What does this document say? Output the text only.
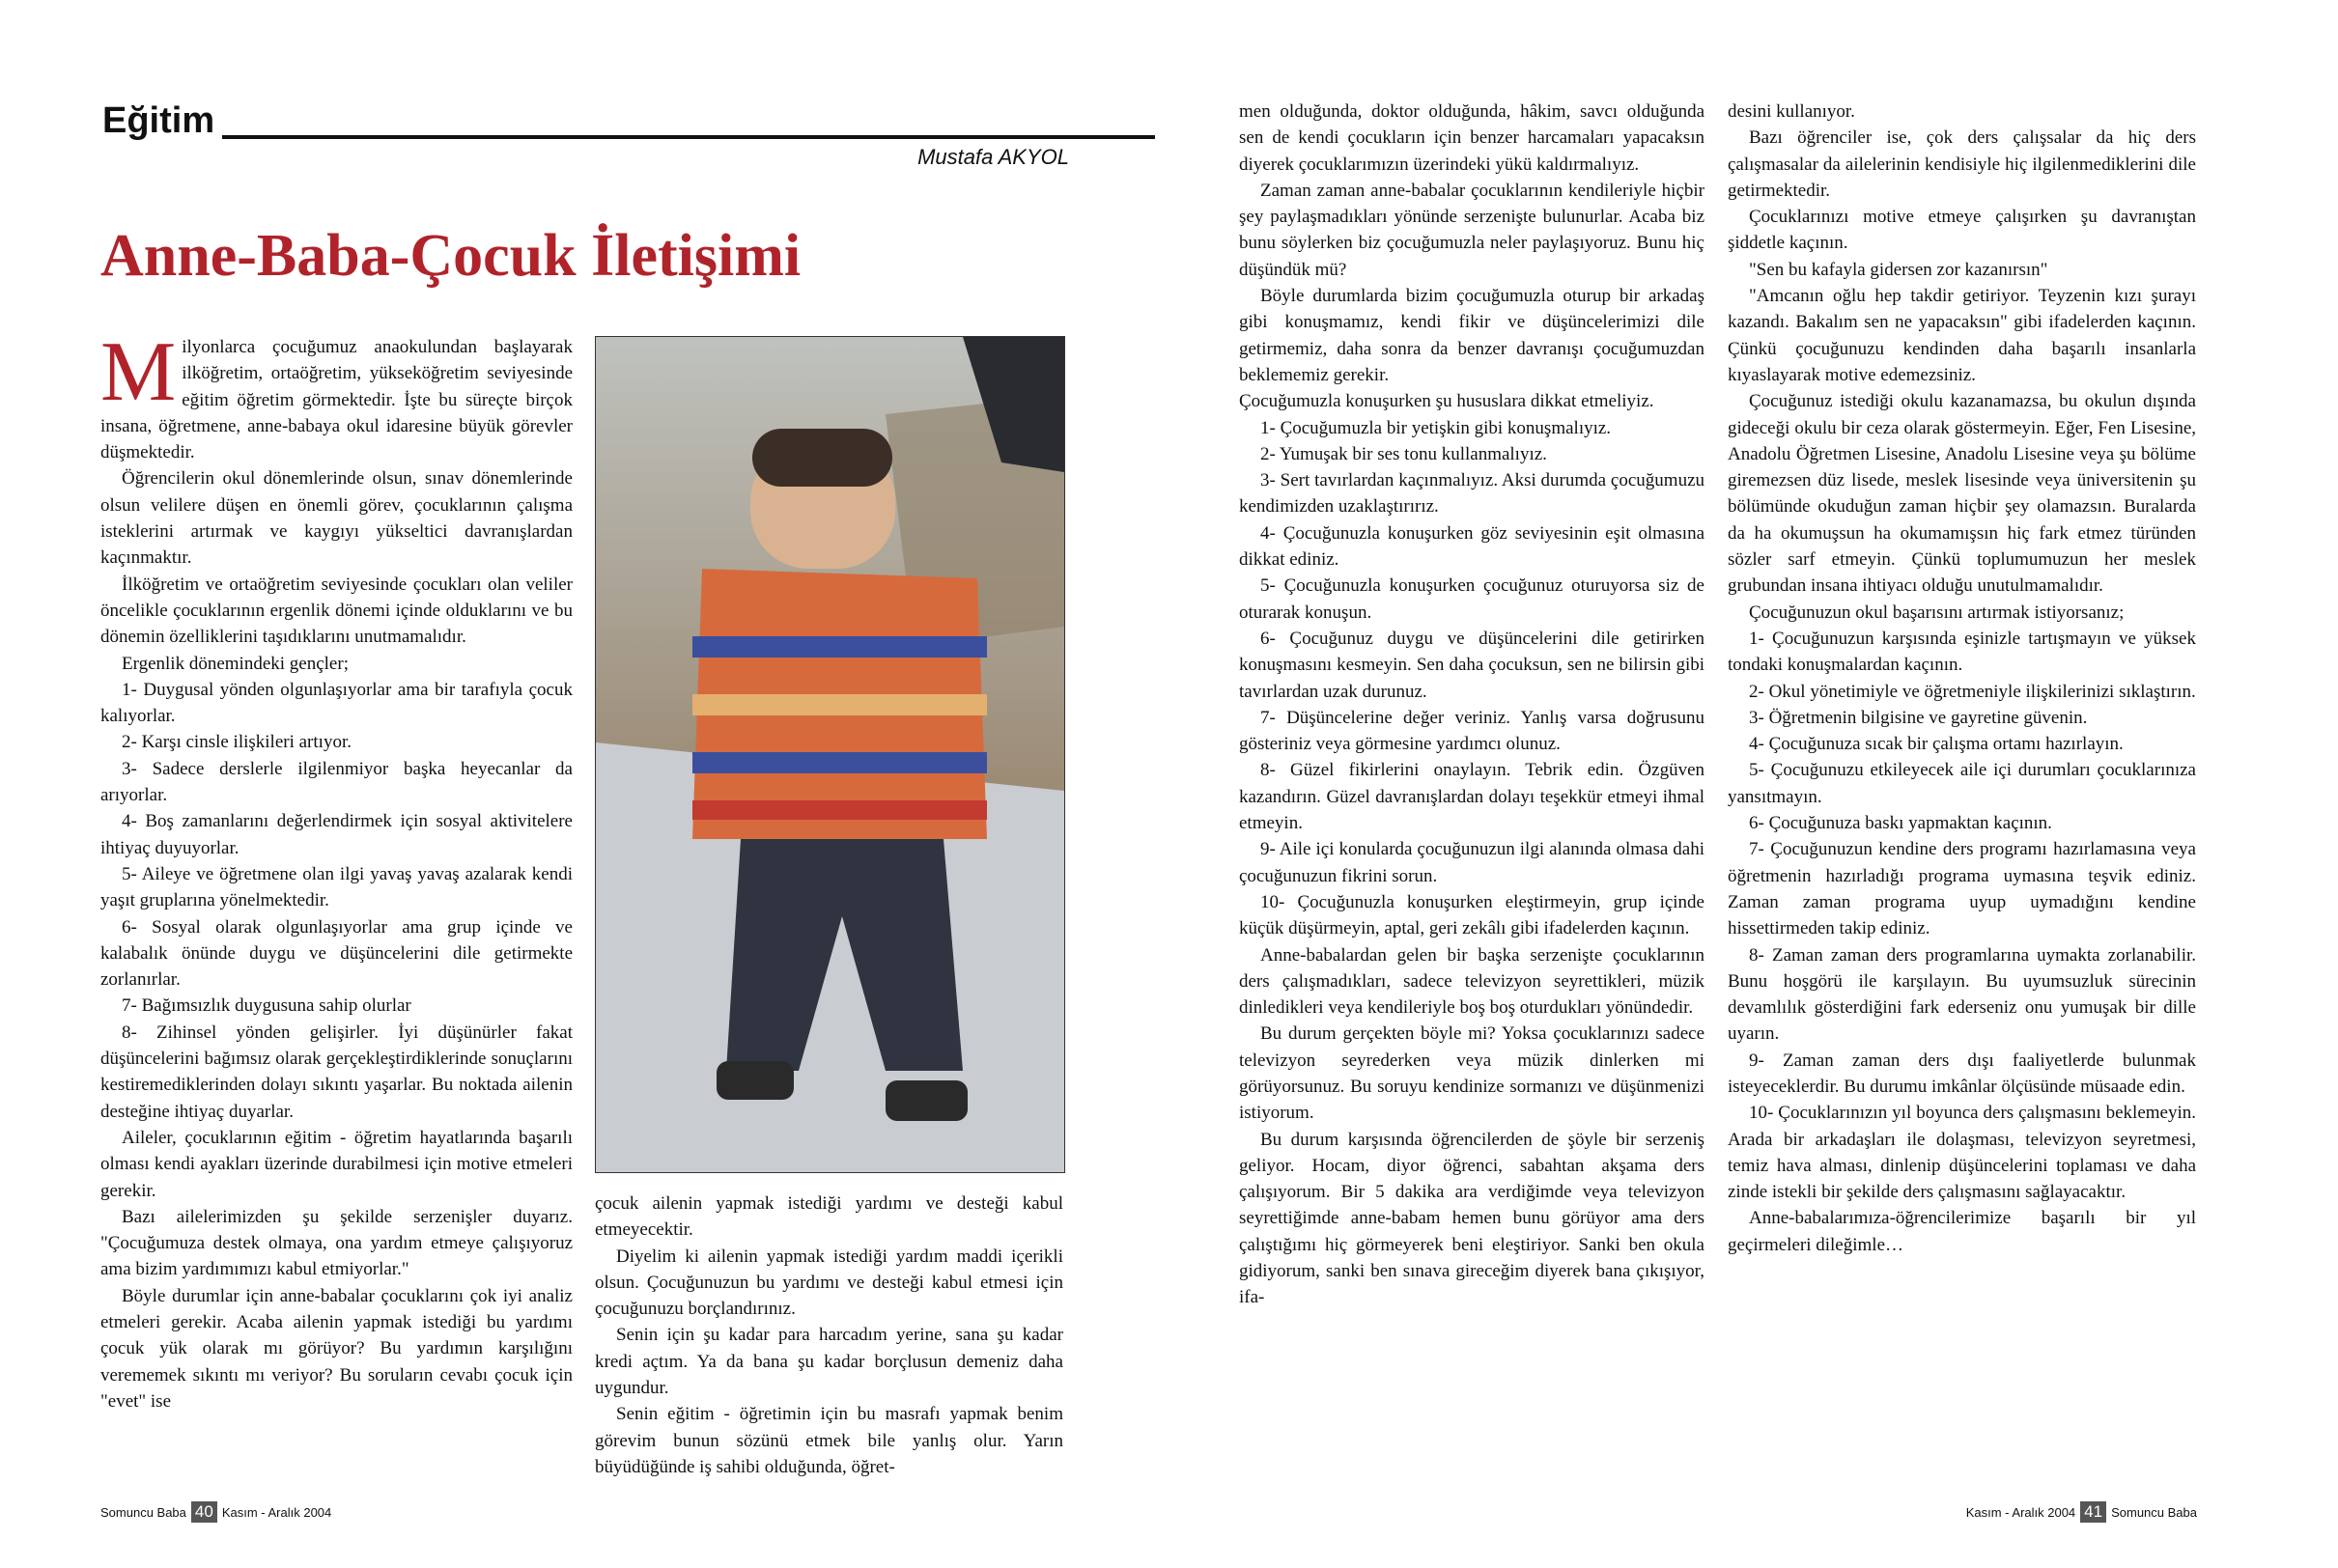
Eğitim
Mustafa AKYOL
Anne-Baba-Çocuk İletişimi

Milyonlarca çocuğumuz anaokulundan başlayarak ilköğretim, ortaöğretim, yükseköğretim seviyesinde eğitim öğretim görmektedir. İşte bu süreçte birçok insana, öğretmene, anne-babaya okul idaresine büyük görevler düşmektedir.

Öğrencilerin okul dönemlerinde olsun, sınav dönemlerinde olsun velilere düşen en önemli görev, çocuklarının çalışma isteklerini artırmak ve kaygıyı yükseltici davranışlardan kaçınmaktır.

İlköğretim ve ortaöğretim seviyesinde çocukları olan veliler öncelikle çocuklarının ergenlik dönemi içinde olduklarını ve bu dönemin özelliklerini taşıdıklarını unutmamalıdır.

Ergenlik dönemindeki gençler;

1- Duygusal yönden olgunlaşıyorlar ama bir tarafıyla çocuk kalıyorlar.

2- Karşı cinsle ilişkileri artıyor.

3- Sadece derslerle ilgilenmiyor başka heyecanlar da arıyorlar.

4- Boş zamanlarını değerlendirmek için sosyal aktivitelere ihtiyaç duyuyorlar.

5- Aileye ve öğretmene olan ilgi yavaş yavaş azalarak kendi yaşıt gruplarına yönelmektedir.

6- Sosyal olarak olgunlaşıyorlar ama grup içinde ve kalabalık önünde duygu ve düşüncelerini dile getirmekte zorlanırlar.

7- Bağımsızlık duygusuna sahip olurlar

8- Zihinsel yönden gelişirler. İyi düşünürler fakat düşüncelerini bağımsız olarak gerçekleştirdiklerinde sonuçlarını kestiremediklerinden dolayı sıkıntı yaşarlar. Bu noktada ailenin desteğine ihtiyaç duyarlar.

Aileler, çocuklarının eğitim - öğretim hayatlarında başarılı olması kendi ayakları üzerinde durabilmesi için motive etmeleri gerekir.

Bazı ailelerimizden şu şekilde serzenişler duyarız. "Çocuğumuza destek olmaya, ona yardım etmeye çalışıyoruz ama bizim yardımımızı kabul etmiyorlar."

Böyle durumlar için anne-babalar çocuklarını çok iyi analiz etmeleri gerekir. Acaba ailenin yapmak istediği bu yardımı çocuk yük olarak mı görüyor? Bu yardımın karşılığını verememek sıkıntı mı veriyor? Bu soruların cevabı çocuk için "evet" ise

çocuk ailenin yapmak istediği yardımı ve desteği kabul etmeyecektir.

Diyelim ki ailenin yapmak istediği yardım maddi içerikli olsun. Çocuğunuzun bu yardımı ve desteği kabul etmesi için çocuğunuzu borçlandırınız.

Senin için şu kadar para harcadım yerine, sana şu kadar kredi açtım. Ya da bana şu kadar borçlusun demeniz daha uygundur.

Senin eğitim - öğretimin için bu masrafı yapmak benim görevim bunun sözünü etmek bile yanlış olur. Yarın büyüdüğünde iş sahibi olduğunda, öğret-

men olduğunda, doktor olduğunda, hâkim, savcı olduğunda sen de kendi çocukların için benzer harcamaları yapacaksın diyerek çocuklarımızın üzerindeki yükü kaldırmalıyız.

Zaman zaman anne-babalar çocuklarının kendileriyle hiçbir şey paylaşmadıkları yönünde serzenişte bulunurlar. Acaba biz bunu söylerken biz çocuğumuzla neler paylaşıyoruz. Bunu hiç düşündük mü?

Böyle durumlarda bizim çocuğumuzla oturup bir arkadaş gibi konuşmamız, kendi fikir ve düşüncelerimizi dile getirmemiz, daha sonra da benzer davranışı çocuğumuzdan beklememiz gerekir.

Çocuğumuzla konuşurken şu hususlara dikkat etmeliyiz.

1- Çocuğumuzla bir yetişkin gibi konuşmalıyız.

2- Yumuşak bir ses tonu kullanmalıyız.

3- Sert tavırlardan kaçınmalıyız. Aksi durumda çocuğumuzu kendimizden uzaklaştırırız.

4- Çocuğunuzla konuşurken göz seviyesinin eşit olmasına dikkat ediniz.

5- Çocuğunuzla konuşurken çocuğunuz oturuyorsa siz de oturarak konuşun.

6- Çocuğunuz duygu ve düşüncelerini dile getirirken konuşmasını kesmeyin. Sen daha çocuksun, sen ne bilirsin gibi tavırlardan uzak durunuz.

7- Düşüncelerine değer veriniz. Yanlış varsa doğrusunu gösteriniz veya görmesine yardımcı olunuz.

8- Güzel fikirlerini onaylayın. Tebrik edin. Özgüven kazandırın. Güzel davranışlardan dolayı teşekkür etmeyi ihmal etmeyin.

9- Aile içi konularda çocuğunuzun ilgi alanında olmasa dahi çocuğunuzun fikrini sorun.

10- Çocuğunuzla konuşurken eleştirmeyin, grup içinde küçük düşürmeyin, aptal, geri zekâlı gibi ifadelerden kaçının.

Anne-babalardan gelen bir başka serzenişte çocuklarının ders çalışmadıkları, sadece televizyon seyrettikleri, müzik dinledikleri veya kendileriyle boş boş oturdukları yönündedir.

Bu durum gerçekten böyle mi? Yoksa çocuklarınızı sadece televizyon seyrederken veya müzik dinlerken mi görüyorsunuz. Bu soruyu kendinize sormanızı ve düşünmenizi istiyorum.

Bu durum karşısında öğrencilerden de şöyle bir serzeniş geliyor. Hocam, diyor öğrenci, sabahtan akşama ders çalışıyorum. Bir 5 dakika ara verdiğimde veya televizyon seyrettiğimde anne-babam hemen bunu görüyor ama ders çalıştığımı hiç görmeyerek beni eleştiriyor. Sanki ben okula gidiyorum, sanki ben sınava gireceğim diyerek bana çıkışıyor, ifa-

desini kullanıyor.

Bazı öğrenciler ise, çok ders çalışsalar da hiç ders çalışmasalar da ailelerinin kendisiyle hiç ilgilenmediklerini dile getirmektedir.

Çocuklarınızı motive etmeye çalışırken şu davranıştan şiddetle kaçının.

"Sen bu kafayla gidersen zor kazanırsın"

"Amcanın oğlu hep takdir getiriyor. Teyzenin kızı şurayı kazandı. Bakalım sen ne yapacaksın" gibi ifadelerden kaçının. Çünkü çocuğunuzu kendinden daha başarılı insanlarla kıyaslayarak motive edemezsiniz.

Çocuğunuz istediği okulu kazanamazsa, bu okulun dışında gideceği okulu bir ceza olarak göstermeyin. Eğer, Fen Lisesine, Anadolu Öğretmen Lisesine, Anadolu Lisesine veya şu bölüme giremezsen düz lisede, meslek lisesinde veya üniversitenin şu bölümünde okuduğun zaman hiçbir şey olamazsın. Buralarda da ha okumuşsun ha okumamışsın hiç fark etmez türünden sözler sarf etmeyin. Çünkü toplumumuzun her meslek grubundan insana ihtiyacı olduğu unutulmamalıdır.

Çocuğunuzun okul başarısını artırmak istiyorsanız;

1- Çocuğunuzun karşısında eşinizle tartışmayın ve yüksek tondaki konuşmalardan kaçının.

2- Okul yönetimiyle ve öğretmeniyle ilişkilerinizi sıklaştırın.

3- Öğretmenin bilgisine ve gayretine güvenin.

4- Çocuğunuza sıcak bir çalışma ortamı hazırlayın.

5- Çocuğunuzu etkileyecek aile içi durumları çocuklarınıza yansıtmayın.

6- Çocuğunuza baskı yapmaktan kaçının.

7- Çocuğunuzun kendine ders programı hazırlamasına veya öğretmenin hazırladığı programa uymasına teşvik ediniz. Zaman zaman programa uyup uymadığını kendine hissettirmeden takip ediniz.

8- Zaman zaman ders programlarına uymakta zorlanabilir. Bunu hoşgörü ile karşılayın. Bu uyumsuzluk sürecinin devamlılık gösterdiğini fark ederseniz onu yumuşak bir dille uyarın.

9- Zaman zaman ders dışı faaliyetlerde bulunmak isteyeceklerdir. Bu durumu imkânlar ölçüsünde müsaade edin.

10- Çocuklarınızın yıl boyunca ders çalışmasını beklemeyin. Arada bir arkadaşları ile dolaşması, televizyon seyretmesi, temiz hava alması, dinlenip düşüncelerini toplaması ve daha zinde istekli bir şekilde ders çalışmasını sağlayacaktır.

Anne-babalarımıza-öğrencilerimize başarılı bir yıl geçirmeleri dileğimle…

Somuncu Baba 40 Kasım - Aralık 2004	Kasım - Aralık 2004 41 Somuncu Baba
